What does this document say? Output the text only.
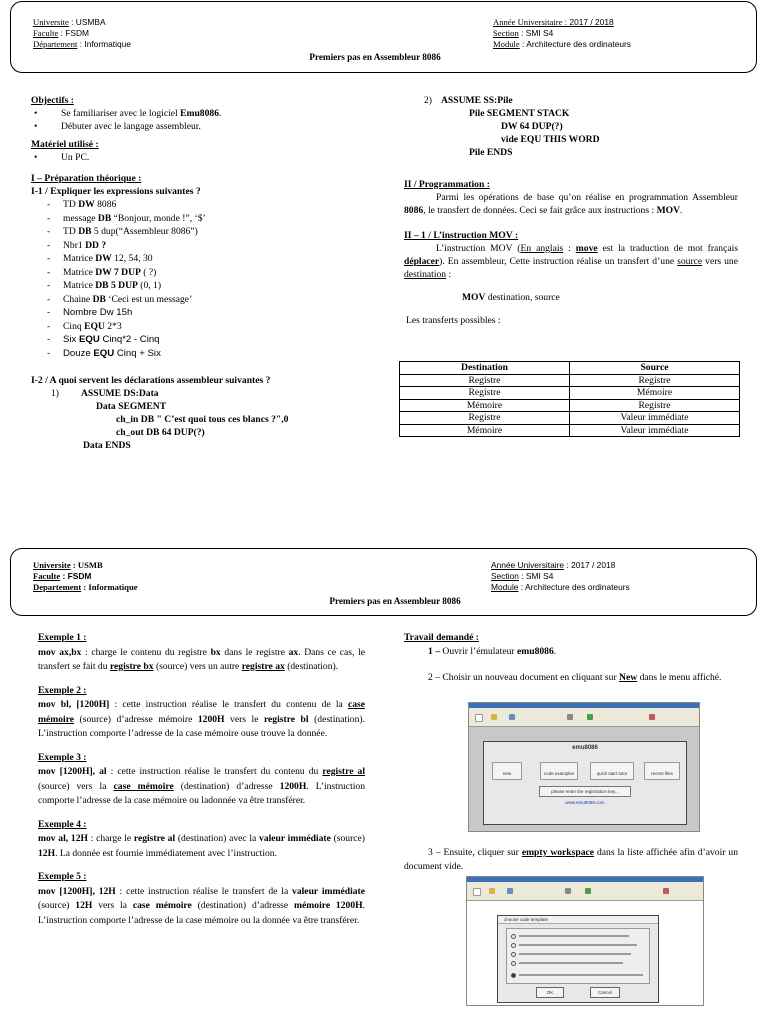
Universite : USMBA
Faculte : FSDM
Département : Informatique
Année Universitaire : 2017 / 2018
Section : SMI S4
Module : Architecture des ordinateurs
Premiers pas en Assembleur 8086

Objectifs :

• Se familiariser avec le logiciel Emu8086.

• Débuter avec le langage assembleur.

Matériel utilisé :

• Un PC.

I – Préparation théorique :

I-1 / Expliquer les expressions suivantes ?

- TD DW 8086

- message DB “Bonjour, monde !”, ‘$’

- TD DB 5 dup(“Assembleur 8086”)

- Nbr1 DD ?

- Matrice DW 12, 54, 30

- Matrice DW 7 DUP ( ?)

- Matrice DB 5 DUP (0, 1)

- Chaine DB ‘Ceci est un message’

- Nombre Dw 15h

- Cinq EQU 2*3

- Six EQU Cinq*2 - Cinq

- Douze EQU Cinq + Six

I-2 / A quoi servent les déclarations assembleur suivantes ?

1) ASSUME DS:Data
Data SEGMENT
ch_in DB " C’est quoi tous ces blancs ?",0
ch_out DB 64 DUP(?)
Data ENDS
2) ASSUME SS:Pile
Pile SEGMENT STACK
DW 64 DUP(?)
vide EQU THIS WORD
Pile ENDS

II / Programmation :

Parmi les opérations de base qu’on réalise en programmation Assembleur 8086, le transfert de données. Ceci se fait grâce aux instructions : MOV.

II – 1 / L’instruction MOV :

L’instruction MOV (En anglais : move est la traduction de mot français déplacer). En assembleur, Cette instruction réalise un transfert d’une source vers une destination :

MOV destination, source

Les transferts possibles :

Destination	Source
Registre	Registre
Registre	Mémoire
Mémoire	Registre
Registre	Valeur immédiate
Mémoire	Valeur immédiate
Universite : USMB
Faculte : FSDM
Departement : Informatique
Année Universitaire : 2017 / 2018
Section : SMI S4
Module : Architecture des ordinateurs
Premiers pas en Assembleur 8086

Exemple 1 :

mov ax,bx : charge le contenu du registre bx dans le registre ax. Dans ce cas, le transfert se fait du registre bx (source) vers un autre registre ax (destination).

Exemple 2 :

mov bl, [1200H] : cette instruction réalise le transfert du contenu de la case mémoire (source) d’adresse mémoire 1200H vers le registre bl (destination). L’instruction comporte l’adresse de la case mémoire ouse trouve la donnée.

Exemple 3 :

mov [1200H], al : cette instruction réalise le transfert du contenu du registre al (source) vers la case mémoire (destination) d’adresse 1200H. L’instruction comporte l’adresse de la case mémoire ou ladonnée va être transférer.

Exemple 4 :

mov al, 12H : charge le registre al (destination) avec la valeur immédiate (source) 12H. La donnée est fournie immédiatement avec l’instruction.

Exemple 5 :

mov [1200H], 12H : cette instruction réalise le transfert de la valeur immédiate (source) 12H vers la case mémoire (destination) d’adresse mémoire 1200H. L’instruction comporte l’adresse de la case mémoire ou la donnée va être transférer.

Travail demandé :

1 – Ouvrir l’émulateur emu8086.

2 – Choisir un nouveau document en cliquant sur New dans le menu affiché.

emu8086
new	code examples	quick start tutor	recent files
please enter the registration key...
www.emu8086.com
3 – Ensuite, cliquer sur empty workspace dans la liste affichée afin d’avoir un document vide.
choose code template
OK	Cancel
